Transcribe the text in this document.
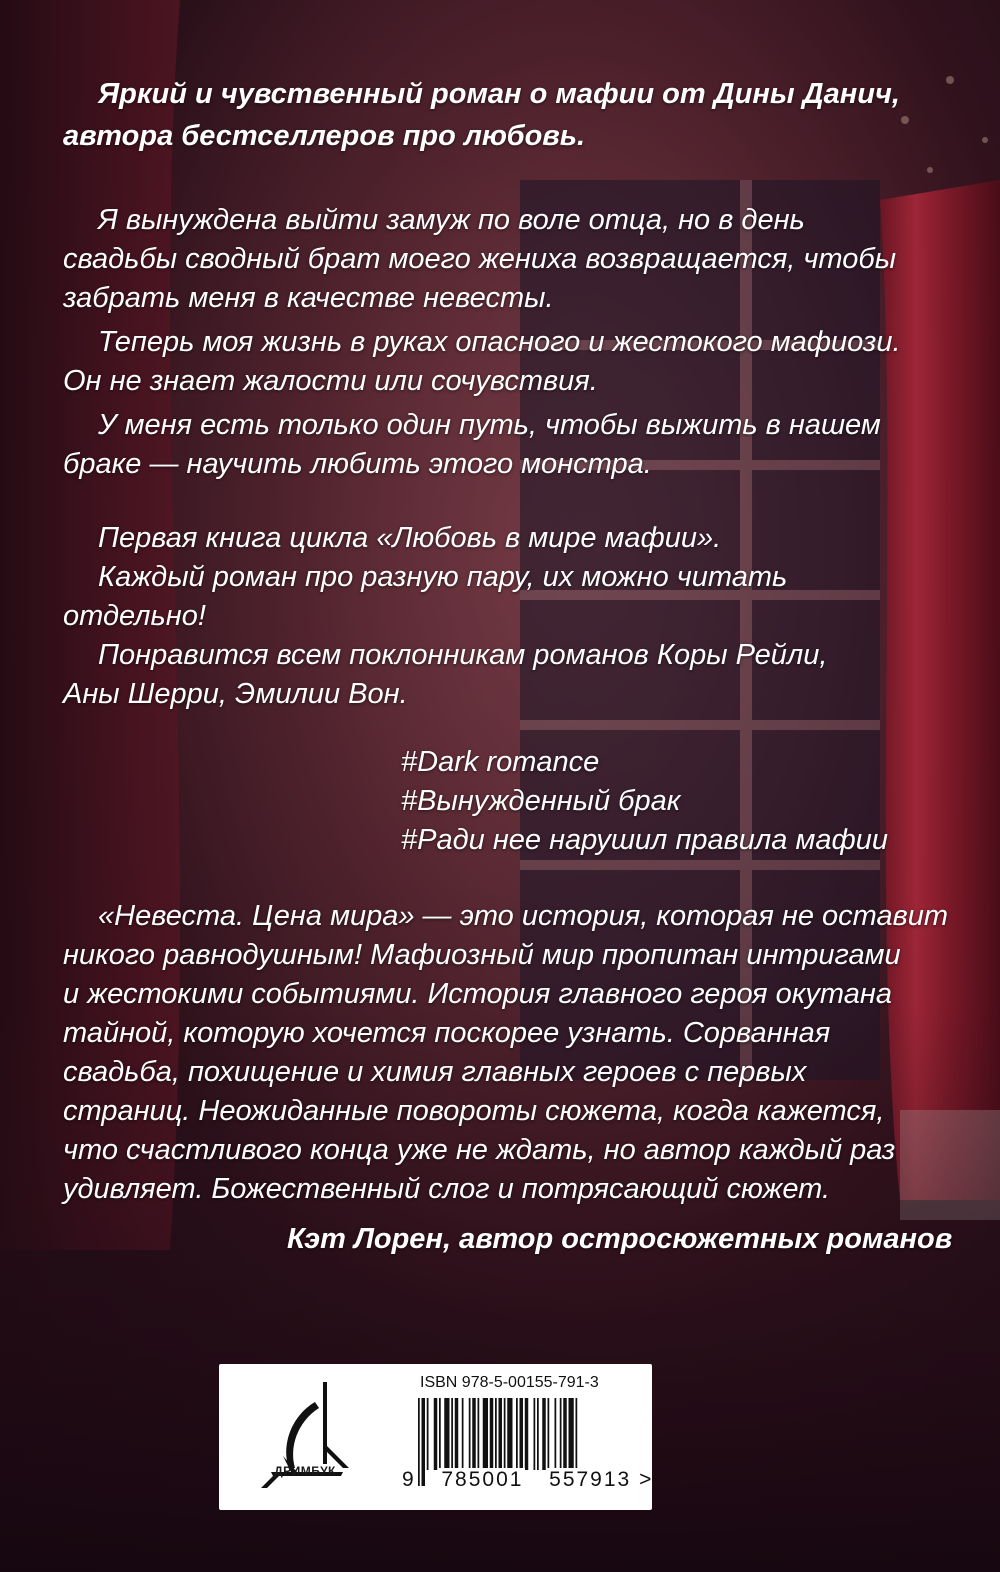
Яркий и чувственный роман о мафии от Дины Данич,
автора бестселлеров про любовь.
Я вынуждена выйти замуж по воле отца, но в день
свадьбы сводный брат моего жениха возвращается, чтобы
забрать меня в качестве невесты.
Теперь моя жизнь в руках опасного и жестокого мафиози.
Он не знает жалости или сочувствия.
У меня есть только один путь, чтобы выжить в нашем
браке — научить любить этого монстра.
Первая книга цикла «Любовь в мире мафии».
Каждый роман про разную пару, их можно читать
отдельно!
Понравится всем поклонникам романов Коры Рейли,
Аны Шерри, Эмилии Вон.
#Dark romance
#Вынужденный брак
#Ради нее нарушил правила мафии
«Невеста. Цена мира» — это история, которая не оставит
никого равнодушным! Мафиозный мир пропитан интригами
и жестокими событиями. История главного героя окутана
тайной, которую хочется поскорее узнать. Сорванная
свадьба, похищение и химия главных героев с первых
страниц. Неожиданные повороты сюжета, когда кажется,
что счастливого конца уже не ждать, но автор каждый раз
удивляет. Божественный слог и потрясающий сюжет.
Кэт Лорен, автор остросюжетных романов
ДРИМБУК
ISBN 978-5-00155-791-3
9 785001 557913 >
